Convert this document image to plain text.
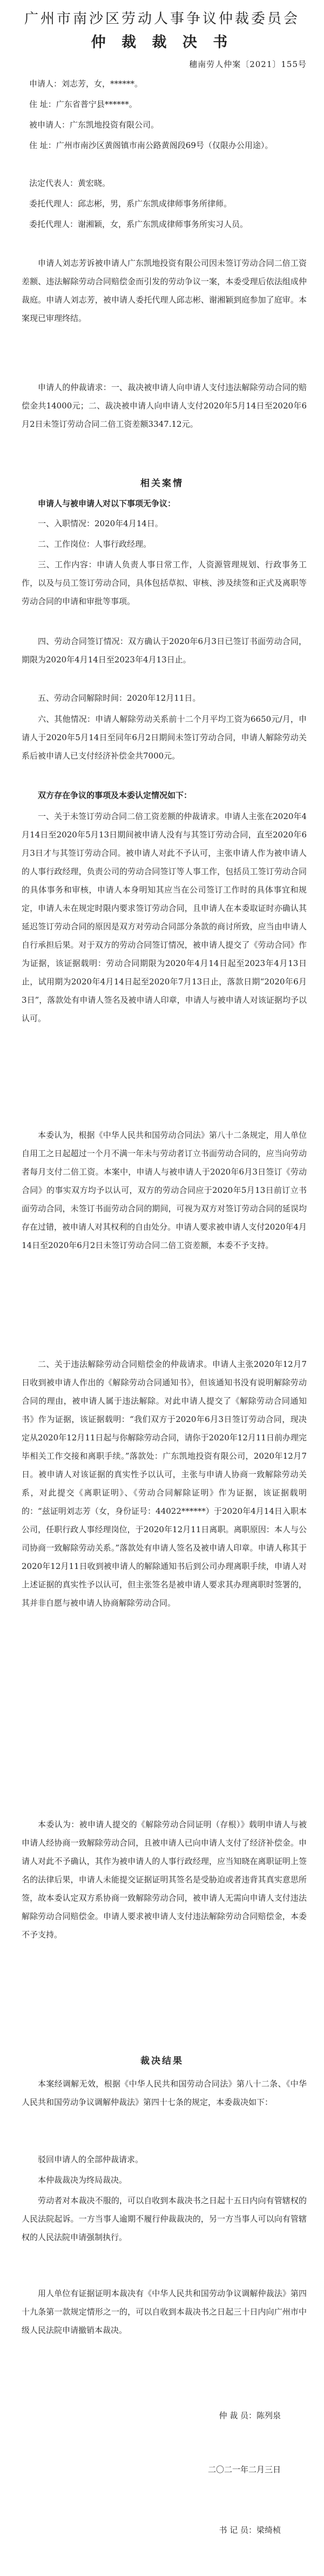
广州市南沙区劳动人事争议仲裁委员会
仲 裁 裁 决 书
穗南劳人仲案〔2021〕155号
申请人：刘志芳，女，******。
住 址：广东省普宁县******。
被申请人：广东凯地投资有限公司。
住 址：广州市南沙区黄阁镇市南公路黄阁段69号（仅限办公用途）。
法定代表人：黄宏晓。
委托代理人：邱志彬，男，系广东凯成律师事务所律师。
委托代理人：谢湘颖，女，系广东凯成律师事务所实习人员。
申请人刘志芳诉被申请人广东凯地投资有限公司因未签订劳动合同二倍工资差额、违法解除劳动合同赔偿金而引发的劳动争议一案，本委受理后依法组成仲裁庭。申请人刘志芳，被申请人委托代理人邱志彬、谢湘颖到庭参加了庭审。本案现已审理终结。
申请人的仲裁请求：一、裁决被申请人向申请人支付违法解除劳动合同的赔偿金共14000元；二、裁决被申请人向申请人支付2020年5月14日至2020年6月2日未签订劳动合同二倍工资差额3347.12元。
相关案情
申请人与被申请人对以下事项无争议：
一、入职情况：2020年4月14日。
二、工作岗位：人事行政经理。
三、工作内容：申请人负责人事日常工作，人资源管理规划、行政事务工作，以及与员工签订劳动合同，具体包括草拟、审核、涉及续签和正式及离职等劳动合同的申请和审批等事项。
四、劳动合同签订情况：双方确认于2020年6月3日已签订书面劳动合同，期限为2020年4月14日至2023年4月13日止。
五、劳动合同解除时间：2020年12月11日。
六、其他情况：申请人解除劳动关系前十二个月平均工资为6650元/月，申请人于2020年5月14日至同年6月2日期间未签订劳动合同，申请人解除劳动关系后被申请人已支付经济补偿金共7000元。
双方存在争议的事项及本委认定情况如下：
一、关于未签订劳动合同二倍工资差额的仲裁请求。申请人主张在2020年4月14日至2020年5月13日期间被申请人没有与其签订劳动合同，直至2020年6月3日才与其签订劳动合同。被申请人对此不予认可，主张申请人作为被申请人的人事行政经理，负责公司的劳动合同签订等人事工作，包括员工签订劳动合同的具体事务和审核，申请人本身明知其应当在公司签订工作时的具体事宜和规定，申请人未在规定时限内要求签订劳动合同，且申请人在本委取证时亦确认其延迟签订劳动合同的原因是双方对劳动合同部分条款的商讨所致，应当由申请人自行承担后果。对于双方的劳动合同签订情况，被申请人提交了《劳动合同》作为证据，该证据载明：劳动合同期限为2020年4月14日起至2023年4月13日止，试用期为2020年4月14日起至2020年7月13日止，落款日期“2020年6月3日”，落款处有申请人签名及被申请人印章，申请人与被申请人对该证据均予以认可。
本委认为，根据《中华人民共和国劳动合同法》第八十二条规定，用人单位自用工之日起超过一个月不满一年未与劳动者订立书面劳动合同的，应当向劳动者每月支付二倍工资。本案中，申请人与被申请人于2020年6月3日签订《劳动合同》的事实双方均予以认可，双方的劳动合同应于2020年5月13日前订立书面劳动合同，未签订书面劳动合同的期间，可视为双方对签订劳动合同的延误均存在过错，被申请人对其权利的自由处分。申请人要求被申请人支付2020年4月14日至2020年6月2日未签订劳动合同二倍工资差额，本委不予支持。
二、关于违法解除劳动合同赔偿金的仲裁请求。申请人主张2020年12月7日收到被申请人作出的《解除劳动合同通知书》，但该通知书没有说明解除劳动合同的理由，被申请人属于违法解除。对此申请人提交了《解除劳动合同通知书》作为证据，该证据载明：“我们双方于2020年6月3日签订劳动合同，现决定从2020年12月11日起与你解除劳动合同，请你于2020年12月11日前办理完毕相关工作交接和离职手续。”落款处：广东凯地投资有限公司，2020年12月7日。被申请人对该证据的真实性予以认可，主张与申请人协商一致解除劳动关系，对此提交《离职证明》、《劳动合同解除证明》作为证据，该证据载明的：“兹证明刘志芳（女，身份证号：44022******）于2020年4月14日入职本公司，任职行政人事经理岗位，于2020年12月11日离职。离职原因：本人与公司协商一致解除劳动关系。”落款处有申请人签名及被申请人印章。申请人称其于2020年12月11日收到被申请人的解除通知书后到公司办理离职手续，申请人对上述证据的真实性予以认可，但主张签名是被申请人要求其办理离职时签署的，其并非自愿与被申请人协商解除劳动合同。
本委认为：被申请人提交的《解除劳动合同证明（存根）》载明申请人与被申请人经协商一致解除劳动合同，且被申请人已向申请人支付了经济补偿金。申请人对此不予确认，其作为被申请人的人事行政经理，应当知晓在离职证明上签名的法律后果，申请人未能提交证据证明其签名是受胁迫或者违背其真实意思所签，故本委认定双方系协商一致解除劳动合同，被申请人无需向申请人支付违法解除劳动合同赔偿金。申请人要求被申请人支付违法解除劳动合同赔偿金，本委不予支持。
裁决结果
本案经调解无效，根据《中华人民共和国劳动合同法》第八十二条、《中华人民共和国劳动争议调解仲裁法》第四十七条的规定，本委裁决如下：
驳回申请人的全部仲裁请求。
本仲裁裁决为终局裁决。
劳动者对本裁决不服的，可以自收到本裁决书之日起十五日内向有管辖权的人民法院起诉。一方当事人逾期不履行仲裁裁决的，另一方当事人可以向有管辖权的人民法院申请强制执行。
用人单位有证据证明本裁决有《中华人民共和国劳动争议调解仲裁法》第四十九条第一款规定情形之一的，可以自收到本裁决书之日起三十日内向广州市中级人民法院申请撤销本裁决。
仲 裁 员：陈列泉
二〇二一年二月三日
书 记 员：梁绮桢
